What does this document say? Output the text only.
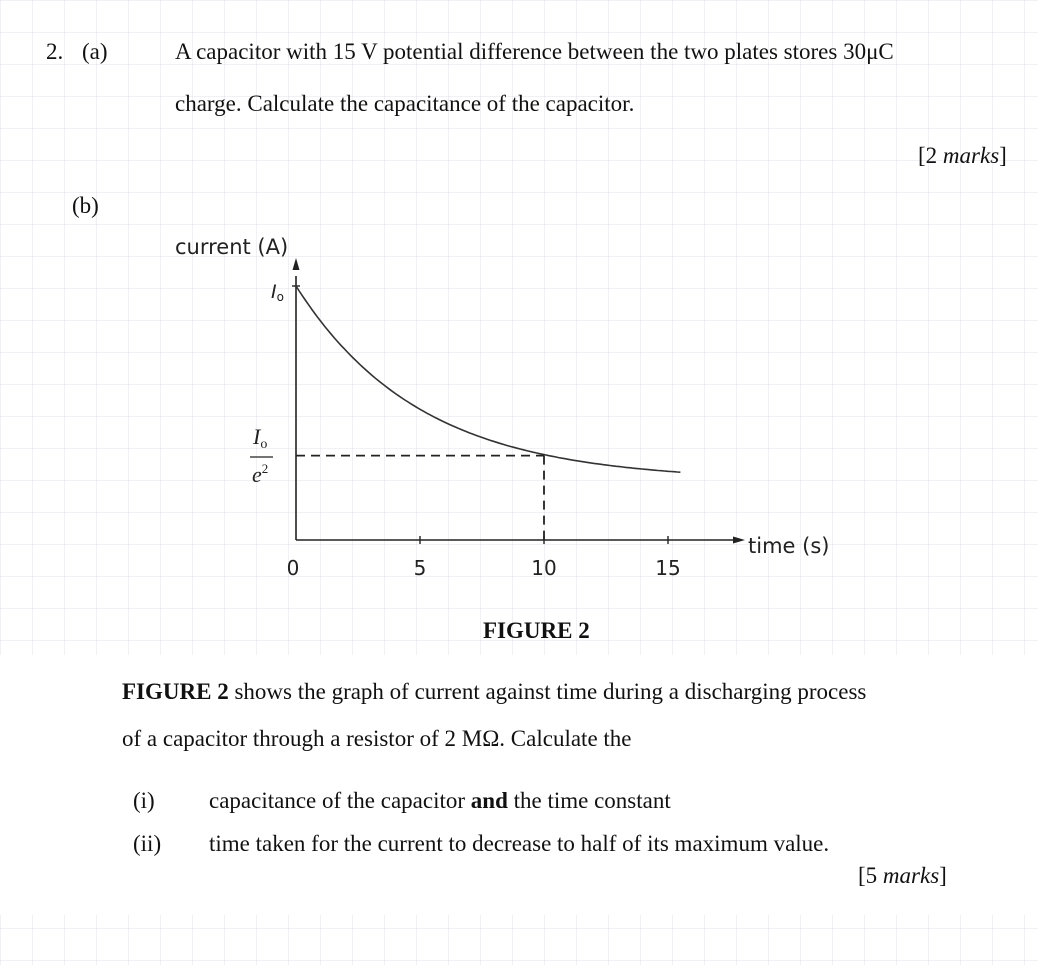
2. (a)	A capacitor with 15 V potential difference between the two plates stores 30μC
charge. Calculate the capacitance of the capacitor.
[2 marks]
(b)
current (A)
time (s)
Io
Io
$e^2$
0	5	10	15
FIGURE 2
FIGURE 2 shows the graph of current against time during a discharging process
of a capacitor through a resistor of 2 MΩ. Calculate the
(i) capacitance of the capacitor and the time constant
(ii) time taken for the current to decrease to half of its maximum value.
[5 marks]
